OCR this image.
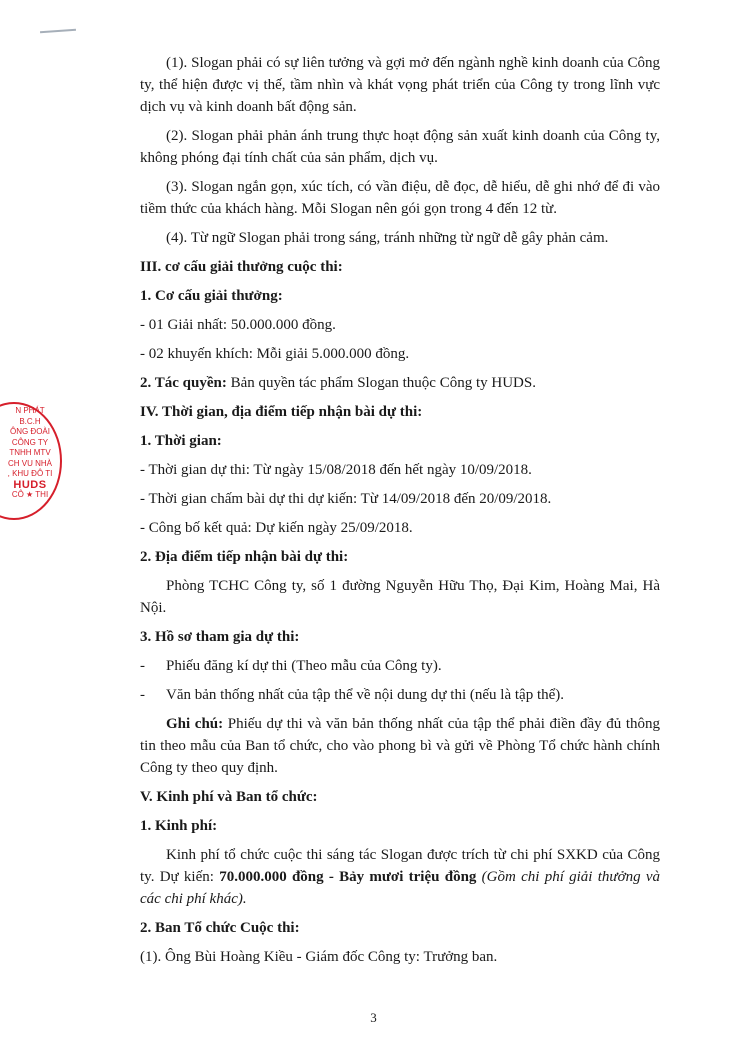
N PHÁT
B.C.H
ÔNG ĐOÀI
CÔNG TY
TNHH MTV
CH VU NHÀ
, KHU ĐÔ TI
HUDS
CÔ ★ THI

(1). Slogan phải có sự liên tưởng và gợi mở đến ngành nghề kinh doanh của Công ty, thể hiện được vị thế, tầm nhìn và khát vọng phát triển của Công ty trong lĩnh vực dịch vụ và kinh doanh bất động sản.

(2). Slogan phải phản ánh trung thực hoạt động sản xuất kinh doanh của Công ty, không phóng đại tính chất của sản phẩm, dịch vụ.

(3). Slogan ngắn gọn, xúc tích, có vần điệu, dễ đọc, dễ hiểu, dễ ghi nhớ để đi vào tiềm thức của khách hàng. Mỗi Slogan nên gói gọn trong 4 đến 12 từ.

(4). Từ ngữ Slogan phải trong sáng, tránh những từ ngữ dễ gây phản cảm.

III. cơ cấu giải thưởng cuộc thi:

1. Cơ cấu giải thưởng:

- 01 Giải nhất: 50.000.000 đồng.

- 02 khuyến khích: Mỗi giải 5.000.000 đồng.

2. Tác quyền: Bản quyền tác phẩm Slogan thuộc Công ty HUDS.

IV. Thời gian, địa điểm tiếp nhận bài dự thi:

1. Thời gian:

- Thời gian dự thi: Từ ngày 15/08/2018 đến hết ngày 10/09/2018.

- Thời gian chấm bài dự thi dự kiến: Từ 14/09/2018 đến 20/09/2018.

- Công bố kết quả: Dự kiến ngày 25/09/2018.

2. Địa điểm tiếp nhận bài dự thi:

Phòng TCHC Công ty, số 1 đường Nguyễn Hữu Thọ, Đại Kim, Hoàng Mai, Hà Nội.

3. Hồ sơ tham gia dự thi:

- Phiếu đăng kí dự thi (Theo mẫu của Công ty).

- Văn bản thống nhất của tập thể về nội dung dự thi (nếu là tập thể).

Ghi chú: Phiếu dự thi và văn bản thống nhất của tập thể phải điền đầy đủ thông tin theo mẫu của Ban tổ chức, cho vào phong bì và gửi về Phòng Tổ chức hành chính Công ty theo quy định.

V. Kinh phí và Ban tổ chức:

1. Kinh phí:

Kinh phí tổ chức cuộc thi sáng tác Slogan được trích từ chi phí SXKD của Công ty. Dự kiến: 70.000.000 đồng - Bảy mươi triệu đồng (Gồm chi phí giải thưởng và các chi phí khác).

2. Ban Tổ chức Cuộc thi:

(1). Ông Bùi Hoàng Kiều - Giám đốc Công ty: Trưởng ban.

3
